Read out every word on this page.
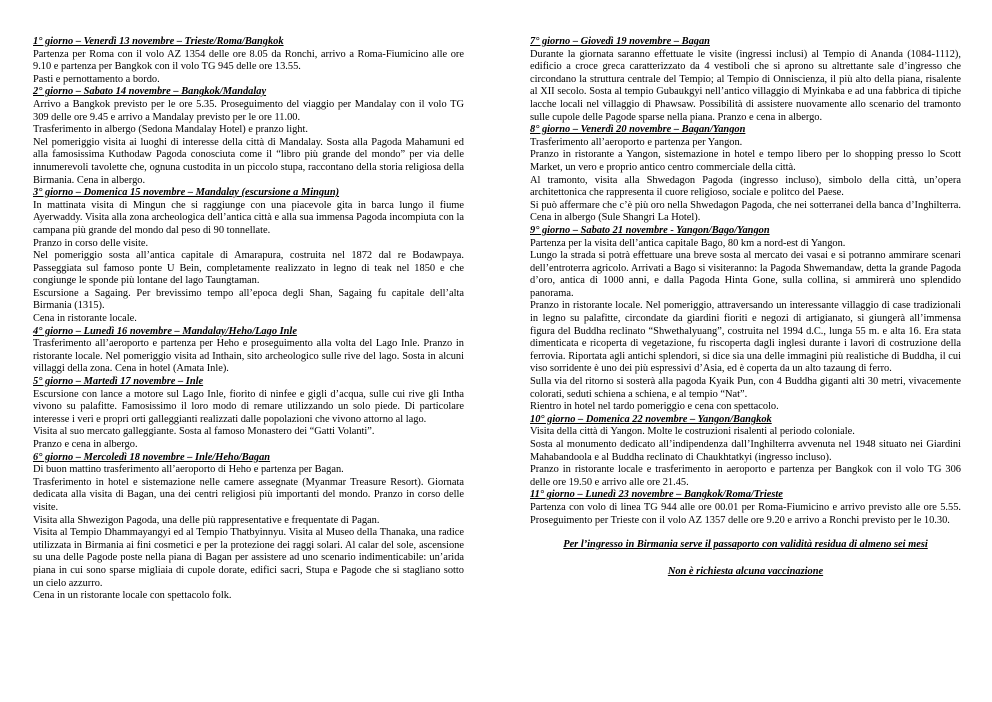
1° giorno – Venerdì 13 novembre – Trieste/Roma/Bangkok

Partenza per Roma con il volo AZ 1354 delle ore 8.05 da Ronchi, arrivo a Roma-Fiumicino alle ore 9.10 e partenza per Bangkok con il volo TG 945 delle ore 13.55.

Pasti e pernottamento a bordo.

2° giorno – Sabato 14 novembre – Bangkok/Mandalay

Arrivo a Bangkok previsto per le ore 5.35. Proseguimento del viaggio per Mandalay con il volo TG 309 delle ore 9.45 e arrivo a Mandalay previsto per le ore 11.00.

Trasferimento in albergo (Sedona Mandalay Hotel) e pranzo light.

Nel pomeriggio visita ai luoghi di interesse della città di Mandalay. Sosta alla Pagoda Mahamuni ed alla famosissima Kuthodaw Pagoda conosciuta come il “libro più grande del mondo” per via delle innumerevoli tavolette che, ognuna custodita in un piccolo stupa, raccontano della storia religiosa della Birmania. Cena in albergo.

3° giorno – Domenica 15 novembre – Mandalay (escursione a Mingun)

In mattinata visita di Mingun che si raggiunge con una piacevole gita in barca lungo il fiume Ayerwaddy. Visita alla zona archeologica dell’antica città e alla sua immensa Pagoda incompiuta con la campana più grande del mondo dal peso di 90 tonnellate.

Pranzo in corso delle visite.

Nel pomeriggio sosta all’antica capitale di Amarapura, costruita nel 1872 dal re Bodawpaya. Passeggiata sul famoso ponte U Bein, completamente realizzato in legno di teak nel 1850 e che congiunge le sponde più lontane del lago Taungtaman.

Escursione a Sagaing. Per brevissimo tempo all’epoca degli Shan, Sagaing fu capitale dell’alta Birmania (1315).

Cena in ristorante locale.

4° giorno – Lunedì 16 novembre – Mandalay/Heho/Lago Inle

Trasferimento all’aeroporto e partenza per Heho e proseguimento alla volta del Lago Inle. Pranzo in ristorante locale. Nel pomeriggio visita ad Inthain, sito archeologico sulle rive del lago. Sosta in alcuni villaggi della zona. Cena in hotel (Amata Inle).

5° giorno – Martedì 17 novembre – Inle

Escursione con lance a motore sul Lago Inle, fiorito di ninfee e gigli d’acqua, sulle cui rive gli Intha vivono su palafitte. Famosissimo il loro modo di remare utilizzando un solo piede. Di particolare interesse i veri e propri orti galleggianti realizzati dalle popolazioni che vivono attorno al lago.

Visita al suo mercato galleggiante. Sosta al famoso Monastero dei “Gatti Volanti”.

Pranzo e cena in albergo.

6° giorno – Mercoledì 18 novembre – Inle/Heho/Bagan

Di buon mattino trasferimento all’aeroporto di Heho e partenza per Bagan.

Trasferimento in hotel e sistemazione nelle camere assegnate (Myanmar Treasure Resort). Giornata dedicata alla visita di Bagan, una dei centri religiosi più importanti del mondo. Pranzo in corso delle visite.

Visita alla Shwezigon Pagoda, una delle più rappresentative e frequentate di Pagan.

Visita al Tempio Dhammayangyi ed al Tempio Thatbyinnyu. Visita al Museo della Thanaka, una radice utilizzata in Birmania ai fini cosmetici e per la protezione dei raggi solari. Al calar del sole, ascensione su una delle Pagode poste nella piana di Bagan per assistere ad uno scenario indimenticabile: un’arida piana in cui sono sparse migliaia di cupole dorate, edifici sacri, Stupa e Pagode che si stagliano sotto un cielo azzurro.

Cena in un ristorante locale con spettacolo folk.

7° giorno – Giovedì 19 novembre – Bagan

Durante la giornata saranno effettuate le visite (ingressi inclusi) al Tempio di Ananda (1084-1112), edificio a croce greca caratterizzato da 4 vestiboli che si aprono su altrettante sale d’ingresso che circondano la struttura centrale del Tempio; al Tempio di Onniscienza, il più alto della piana, risalente al XII secolo. Sosta al tempio Gubaukgyi nell’antico villaggio di Myinkaba e ad una fabbrica di tipiche lacche locali nel villaggio di Phawsaw. Possibilità di assistere nuovamente allo scenario del tramonto sulle cupole delle Pagode sparse nella piana. Pranzo e cena in albergo.

8° giorno – Venerdì 20 novembre – Bagan/Yangon

Trasferimento all’aeroporto e partenza per Yangon.

Pranzo in ristorante a Yangon, sistemazione in hotel e tempo libero per lo shopping presso lo Scott Market, un vero e proprio antico centro commerciale della città.

Al tramonto, visita alla Shwedagon Pagoda (ingresso incluso), simbolo della città, un’opera architettonica che rappresenta il cuore religioso, sociale e politco del Paese.

Si può affermare che c’è più oro nella Shwedagon Pagoda, che nei sotterranei della banca d’Inghilterra. Cena in albergo (Sule Shangri La Hotel).

9° giorno – Sabato 21 novembre - Yangon/Bago/Yangon

Partenza per la visita dell’antica capitale Bago, 80 km a nord-est di Yangon.

Lungo la strada si potrà effettuare una breve sosta al mercato dei vasai e si potranno ammirare scenari dell’entroterra agricolo. Arrivati a Bago si visiteranno: la Pagoda Shwemandaw, detta la grande Pagoda d’oro, antica di 1000 anni, e dalla Pagoda Hinta Gone, sulla collina, si ammirerà uno splendido panorama.

Pranzo in ristorante locale. Nel pomeriggio, attraversando un interessante villaggio di case tradizionali in legno su palafitte, circondate da giardini fioriti e negozi di artigianato, si giungerà all’immensa figura del Buddha reclinato “Shwethalyuang”, costruita nel 1994 d.C., lunga 55 m. e alta 16. Era stata dimenticata e ricoperta di vegetazione, fu riscoperta dagli inglesi durante i lavori di costruzione della ferrovia. Riportata agli antichi splendori, si dice sia una delle immagini più realistiche di Buddha, il cui viso sorridente è uno dei più espressivi d’Asia, ed è coperta da un alto tazaung di ferro.

Sulla via del ritorno si sosterà alla pagoda Kyaik Pun, con 4 Buddha giganti alti 30 metri, vivacemente colorati, seduti schiena a schiena, e al tempio “Nat”.

Rientro in hotel nel tardo pomeriggio e cena con spettacolo.

10° giorno – Domenica 22 novembre – Yangon/Bangkok

Visita della città di Yangon. Molte le costruzioni risalenti al periodo coloniale.

Sosta al monumento dedicato all’indipendenza dall’Inghilterra avvenuta nel 1948 situato nei Giardini Mahabandoola e al Buddha reclinato di Chaukhtatkyi (ingresso incluso).

Pranzo in ristorante locale e trasferimento in aeroporto e partenza per Bangkok con il volo TG 306 delle ore 19.50 e arrivo alle ore 21.45.

11° giorno – Lunedì 23 novembre – Bangkok/Roma/Trieste

Partenza con volo di linea TG 944 alle ore 00.01 per Roma-Fiumicino e arrivo previsto alle ore 5.55. Proseguimento per Trieste con il volo AZ 1357 delle ore 9.20 e arrivo a Ronchi previsto per le 10.30.

Per l’ingresso in Birmania serve il passaporto con validità residua di almeno sei mesi

Non è richiesta alcuna vaccinazione
